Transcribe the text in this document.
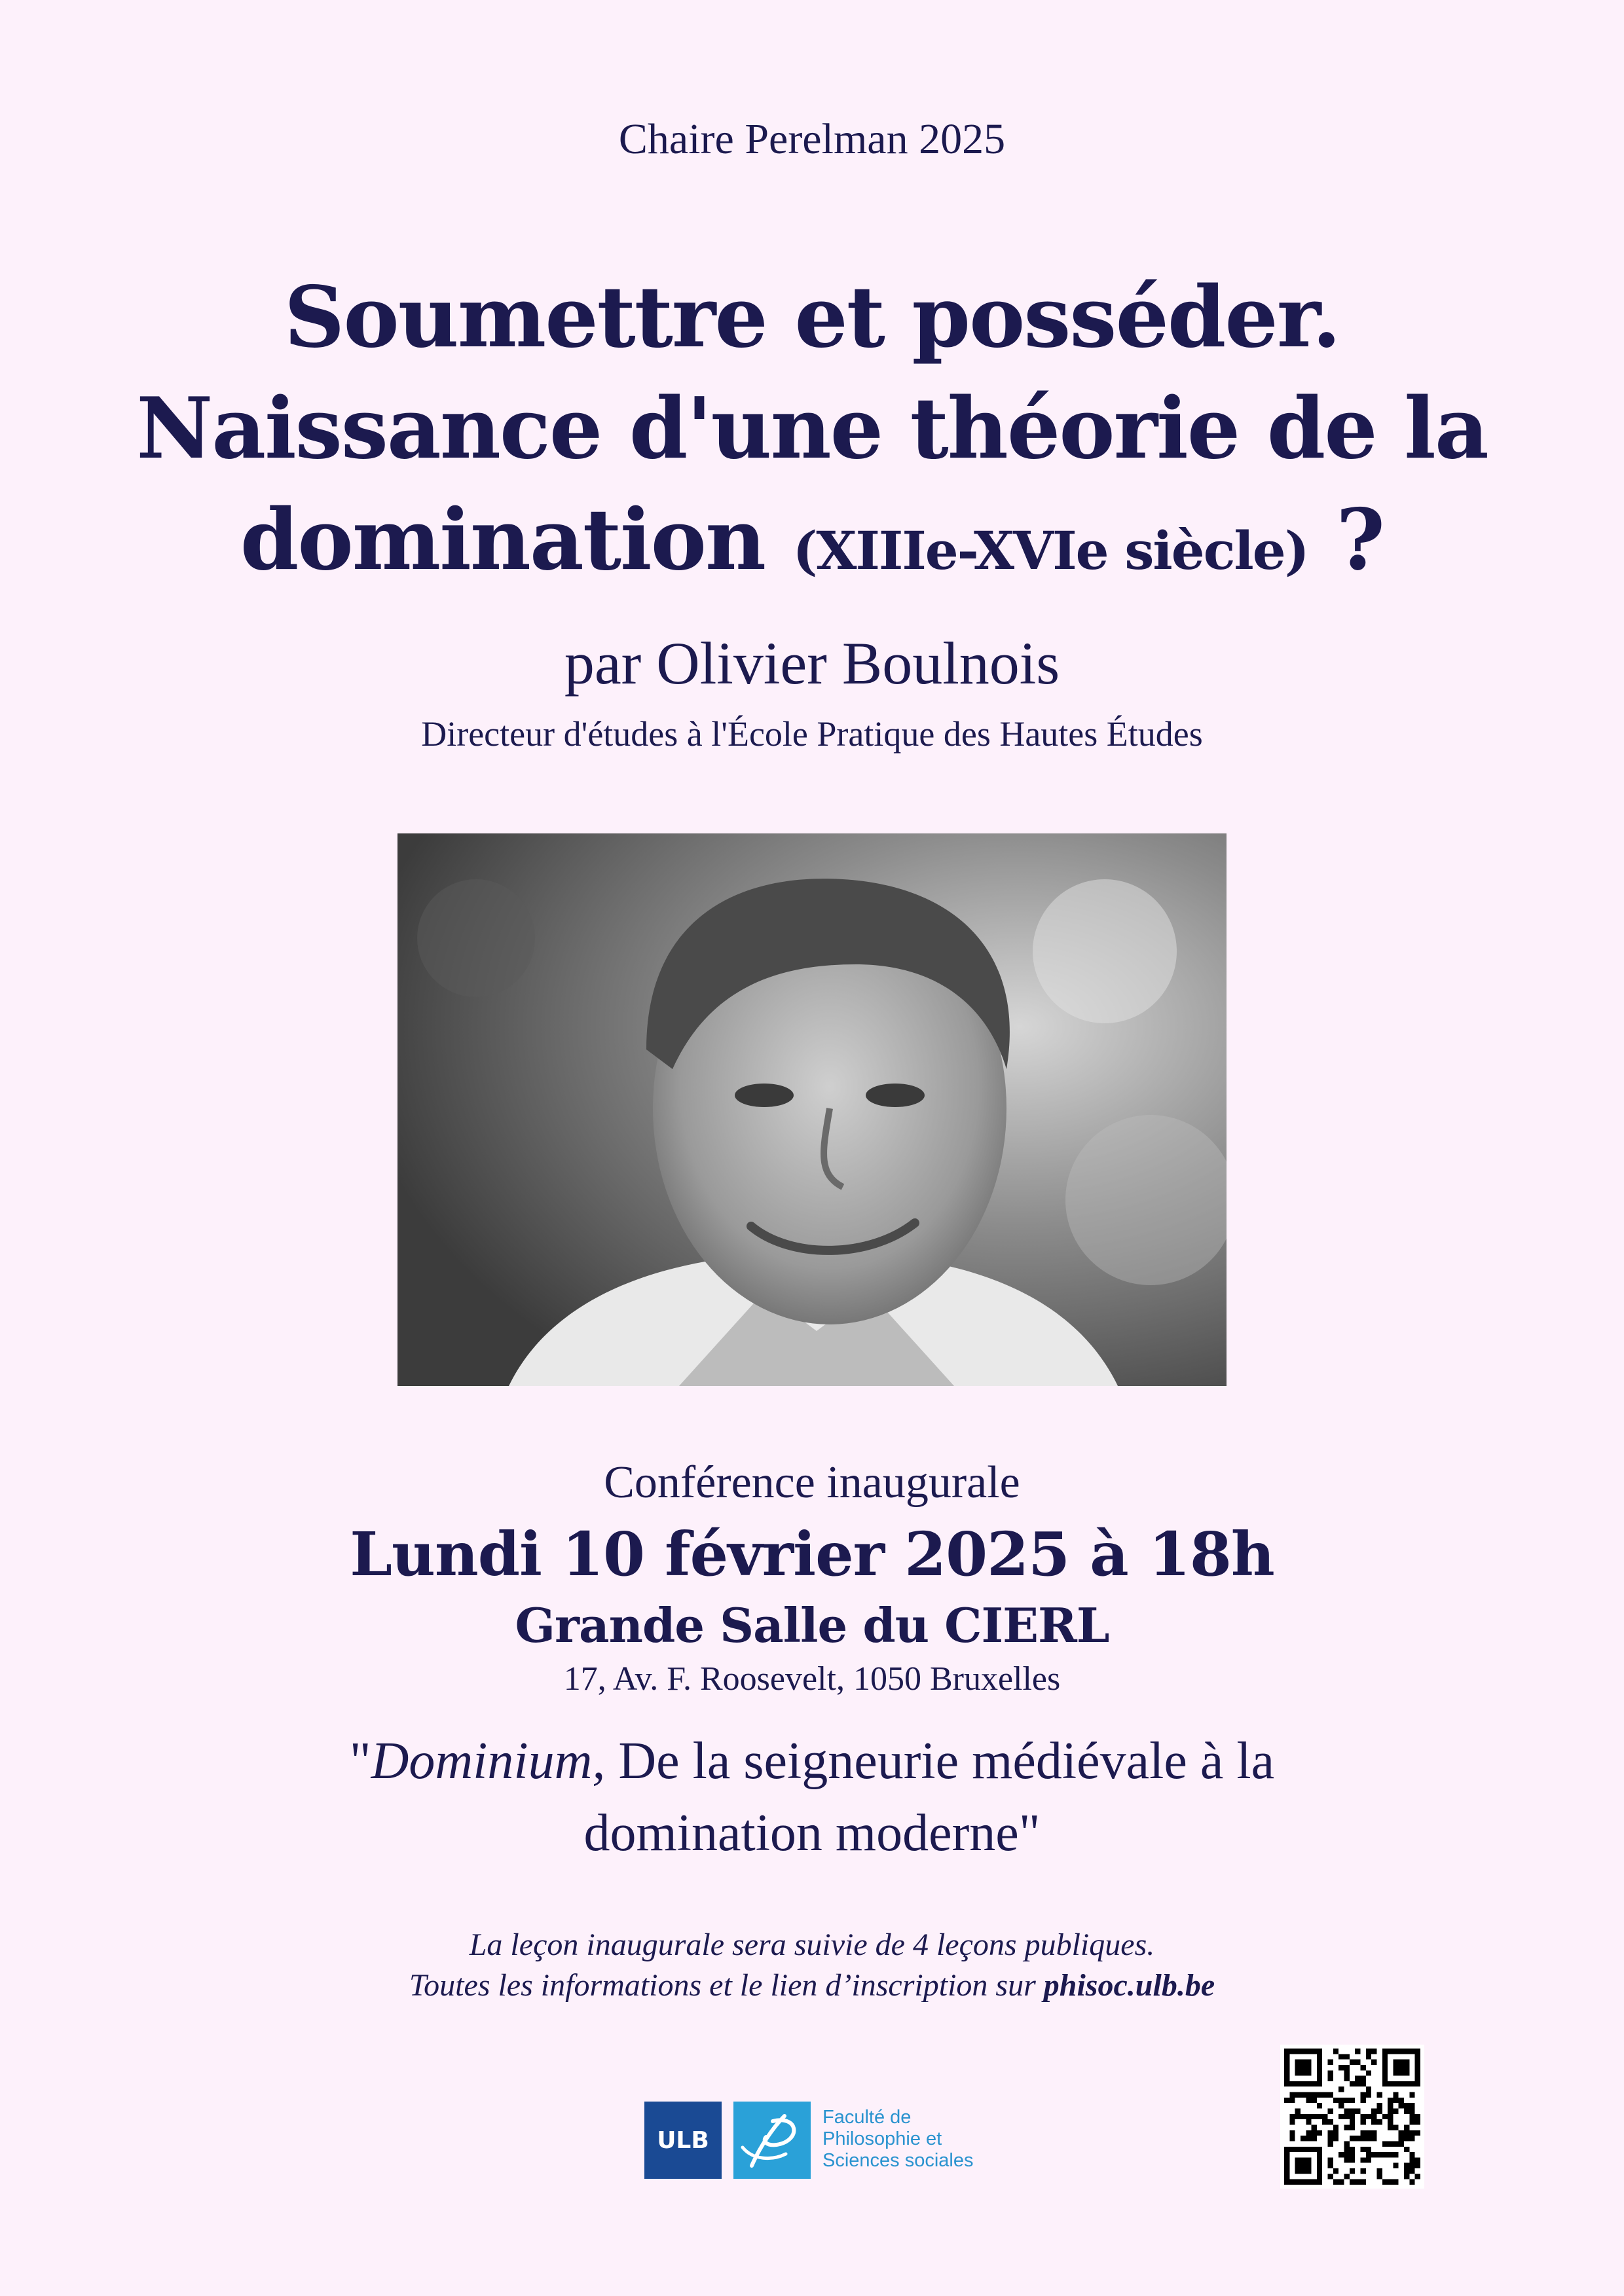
Chaire Perelman 2025

Soumettre et posséder.
Naissance d'une théorie de la
domination (XIIIe-XVIe siècle) ?

par Olivier Boulnois

Directeur d'études à l'École Pratique des Hautes Études

Conférence inaugurale

Lundi 10 février 2025 à 18h

Grande Salle du CIERL

17, Av. F. Roosevelt, 1050 Bruxelles

"Dominium, De la seigneurie médiévale à la
domination moderne"
La leçon inaugurale sera suivie de 4 leçons publiques.
Toutes les informations et le lien d’inscription sur phisoc.ulb.be
ULB
Faculté de
Philosophie et
Sciences sociales
